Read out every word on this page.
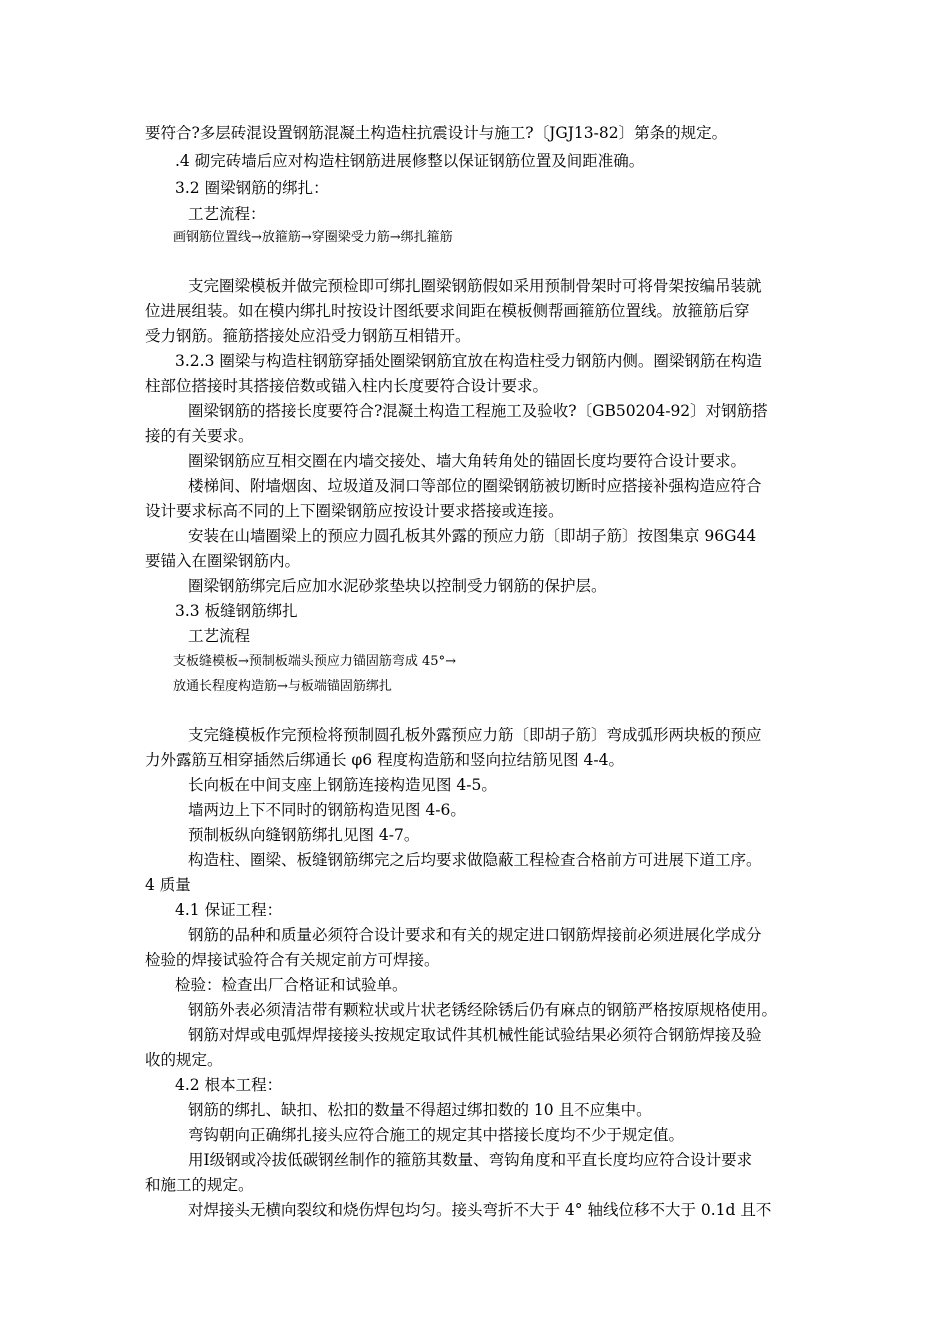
要符合?多层砖混设置钢筋混凝土构造柱抗震设计与施工?〔JGJ13-82〕第条的规定。
.4 砌完砖墙后应对构造柱钢筋进展修整以保证钢筋位置及间距准确。
3.2 圈梁钢筋的绑扎：
工艺流程：
画钢筋位置线→放箍筋→穿圈梁受力筋→绑扎箍筋
支完圈梁模板并做完预检即可绑扎圈梁钢筋假如采用预制骨架时可将骨架按编吊装就
位进展组装。如在模内绑扎时按设计图纸要求间距在模板侧帮画箍筋位置线。放箍筋后穿
受力钢筋。箍筋搭接处应沿受力钢筋互相错开。
3.2.3 圈梁与构造柱钢筋穿插处圈梁钢筋宜放在构造柱受力钢筋内侧。圈梁钢筋在构造
柱部位搭接时其搭接倍数或锚入柱内长度要符合设计要求。
圈梁钢筋的搭接长度要符合?混凝土构造工程施工及验收?〔GB50204-92〕对钢筋搭
接的有关要求。
圈梁钢筋应互相交圈在内墙交接处、墙大角转角处的锚固长度均要符合设计要求。
楼梯间、附墙烟囱、垃圾道及洞口等部位的圈梁钢筋被切断时应搭接补强构造应符合
设计要求标高不同的上下圈梁钢筋应按设计要求搭接或连接。
安装在山墙圈梁上的预应力圆孔板其外露的预应力筋〔即胡子筋〕按图集京 96G44
要锚入在圈梁钢筋内。
圈梁钢筋绑完后应加水泥砂浆垫块以控制受力钢筋的保护层。
3.3 板缝钢筋绑扎
工艺流程
支板缝模板→预制板端头预应力锚固筋弯成 45°→
放通长程度构造筋→与板端锚固筋绑扎
支完缝模板作完预检将预制圆孔板外露预应力筋〔即胡子筋〕弯成弧形两块板的预应
力外露筋互相穿插然后绑通长 φ6 程度构造筋和竖向拉结筋见图 4-4。
长向板在中间支座上钢筋连接构造见图 4-5。
墙两边上下不同时的钢筋构造见图 4-6。
预制板纵向缝钢筋绑扎见图 4-7。
构造柱、圈梁、板缝钢筋绑完之后均要求做隐蔽工程检查合格前方可进展下道工序。
4 质量
4.1 保证工程：
钢筋的品种和质量必须符合设计要求和有关的规定进口钢筋焊接前必须进展化学成分
检验的焊接试验符合有关规定前方可焊接。
检验：检查出厂合格证和试验单。
钢筋外表必须清洁带有颗粒状或片状老锈经除锈后仍有麻点的钢筋严格按原规格使用。
钢筋对焊或电弧焊焊接接头按规定取试件其机械性能试验结果必须符合钢筋焊接及验
收的规定。
4.2 根本工程：
钢筋的绑扎、缺扣、松扣的数量不得超过绑扣数的 10 且不应集中。
弯钩朝向正确绑扎接头应符合施工的规定其中搭接长度均不少于规定值。
用Ⅰ级钢或冷拔低碳钢丝制作的箍筋其数量、弯钩角度和平直长度均应符合设计要求
和施工的规定。
对焊接头无横向裂纹和烧伤焊包均匀。接头弯折不大于 4° 轴线位移不大于 0.1d 且不
